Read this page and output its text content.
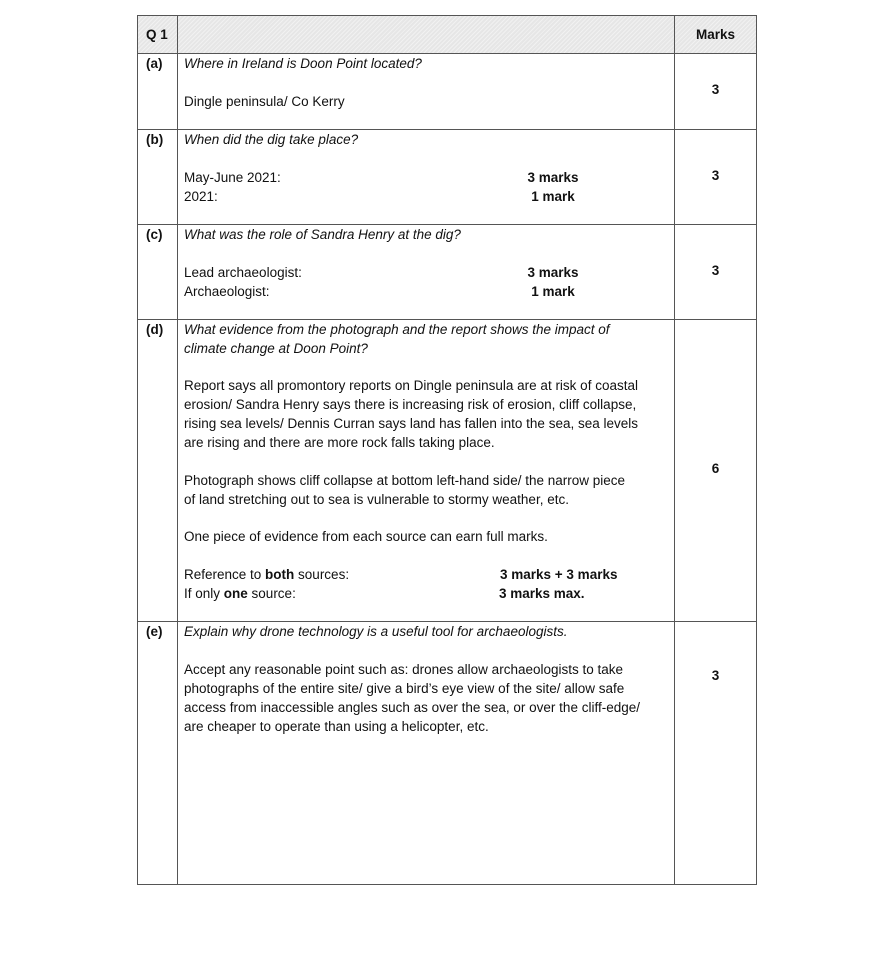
Q 1	Marks
(a) Where in Ireland is Doon Point located?
Dingle peninsula/ Co Kerry
3
(b) When did the dig take place?
May-June 2021:	3 marks
2021:	1 mark
3
(c) What was the role of Sandra Henry at the dig?
Lead archaeologist:	3 marks
Archaeologist:	1 mark
3
(d) What evidence from the photograph and the report shows the impact of
climate change at Doon Point?
Report says all promontory reports on Dingle peninsula are at risk of coastal
erosion/ Sandra Henry says there is increasing risk of erosion, cliff collapse,
rising sea levels/ Dennis Curran says land has fallen into the sea, sea levels
are rising and there are more rock falls taking place.
Photograph shows cliff collapse at bottom left-hand side/ the narrow piece
of land stretching out to sea is vulnerable to stormy weather, etc.
One piece of evidence from each source can earn full marks.
Reference to both sources:	3 marks + 3 marks
If only one source:	3 marks max.
6
(e) Explain why drone technology is a useful tool for archaeologists.
Accept any reasonable point such as: drones allow archaeologists to take
photographs of the entire site/ give a bird’s eye view of the site/ allow safe
access from inaccessible angles such as over the sea, or over the cliff-edge/
are cheaper to operate than using a helicopter, etc.
3
